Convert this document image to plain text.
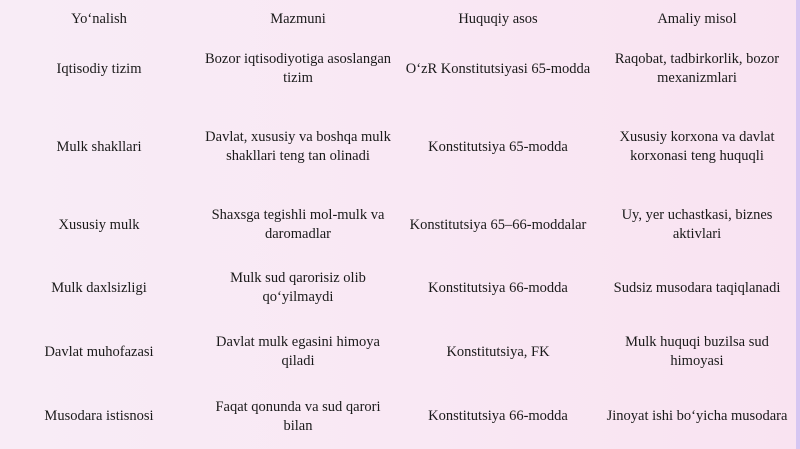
Yo‘nalish	Mazmuni	Huquqiy asos	Amaliy misol
Iqtisodiy tizim	Bozor iqtisodiyotiga asoslangan tizim	O‘zR Konstitutsiyasi 65-modda	Raqobat, tadbirkorlik, bozor mexanizmlari
Mulk shakllari	Davlat, xususiy va boshqa mulk shakllari teng tan olinadi	Konstitutsiya 65-modda	Xususiy korxona va davlat korxonasi teng huquqli
Xususiy mulk	Shaxsga tegishli mol-mulk va daromadlar	Konstitutsiya 65–66-moddalar	Uy, yer uchastkasi, biznes aktivlari
Mulk daxlsizligi	Mulk sud qarorisiz olib qo‘yilmaydi	Konstitutsiya 66-modda	Sudsiz musodara taqiqlanadi
Davlat muhofazasi	Davlat mulk egasini himoya qiladi	Konstitutsiya, FK	Mulk huquqi buzilsa sud himoyasi
Musodara istisnosi	Faqat qonunda va sud qarori bilan	Konstitutsiya 66-modda	Jinoyat ishi bo‘yicha musodara
